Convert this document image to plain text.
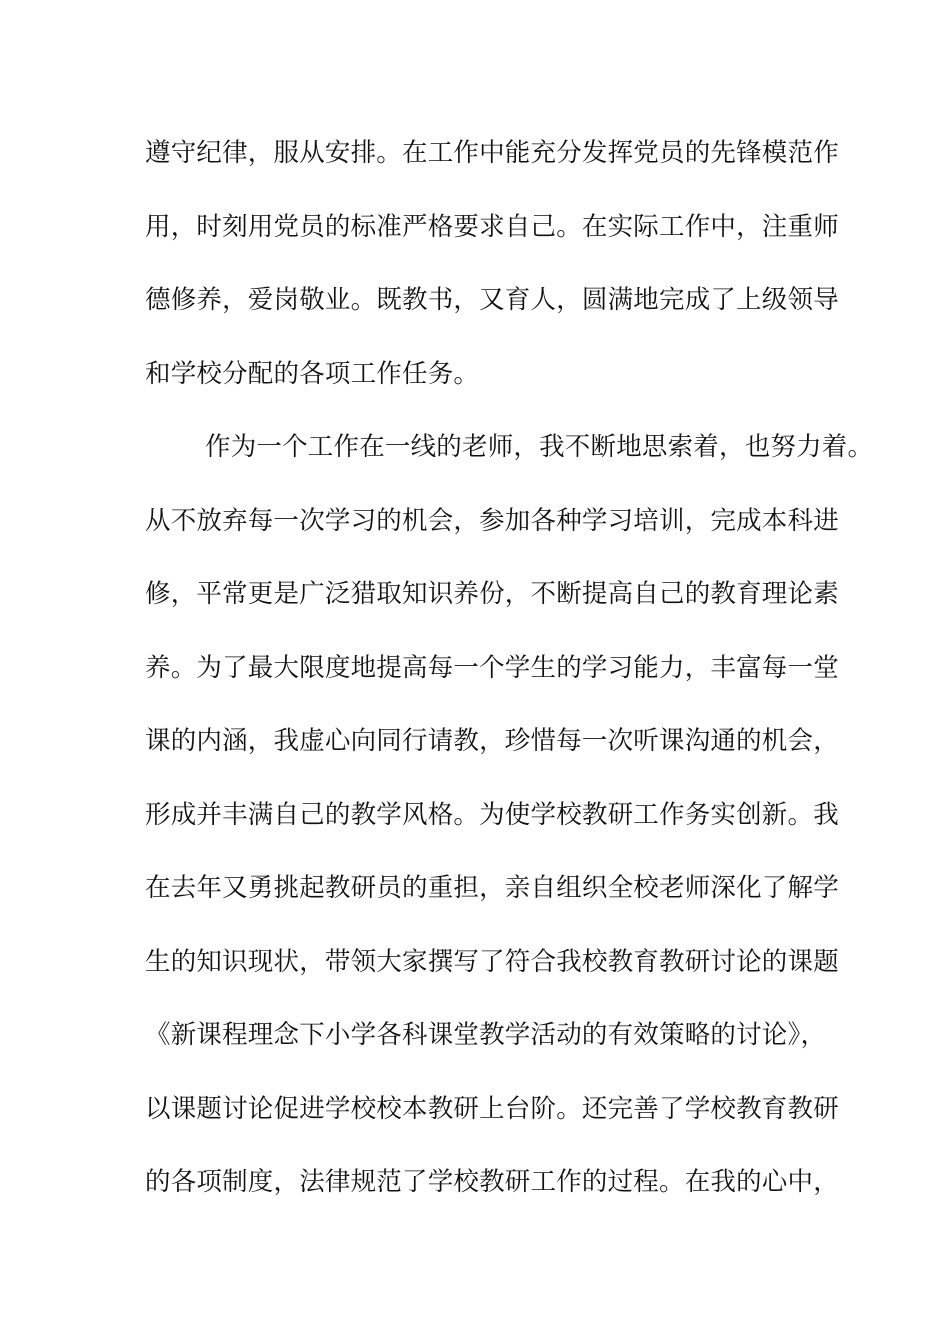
遵守纪律，服从安排。在工作中能充分发挥党员的先锋模范作
用，时刻用党员的标准严格要求自己。在实际工作中，注重师
德修养，爱岗敬业。既教书，又育人，圆满地完成了上级领导
和学校分配的各项工作任务。
作为一个工作在一线的老师，我不断地思索着，也努力着。
从不放弃每一次学习的机会，参加各种学习培训，完成本科进
修，平常更是广泛猎取知识养份，不断提高自己的教育理论素
养。为了最大限度地提高每一个学生的学习能力，丰富每一堂
课的内涵，我虚心向同行请教，珍惜每一次听课沟通的机会，
形成并丰满自己的教学风格。为使学校教研工作务实创新。我
在去年又勇挑起教研员的重担，亲自组织全校老师深化了解学
生的知识现状，带领大家撰写了符合我校教育教研讨论的课题
《新课程理念下小学各科课堂教学活动的有效策略的讨论》，
以课题讨论促进学校校本教研上台阶。还完善了学校教育教研
的各项制度，法律规范了学校教研工作的过程。在我的心中，
